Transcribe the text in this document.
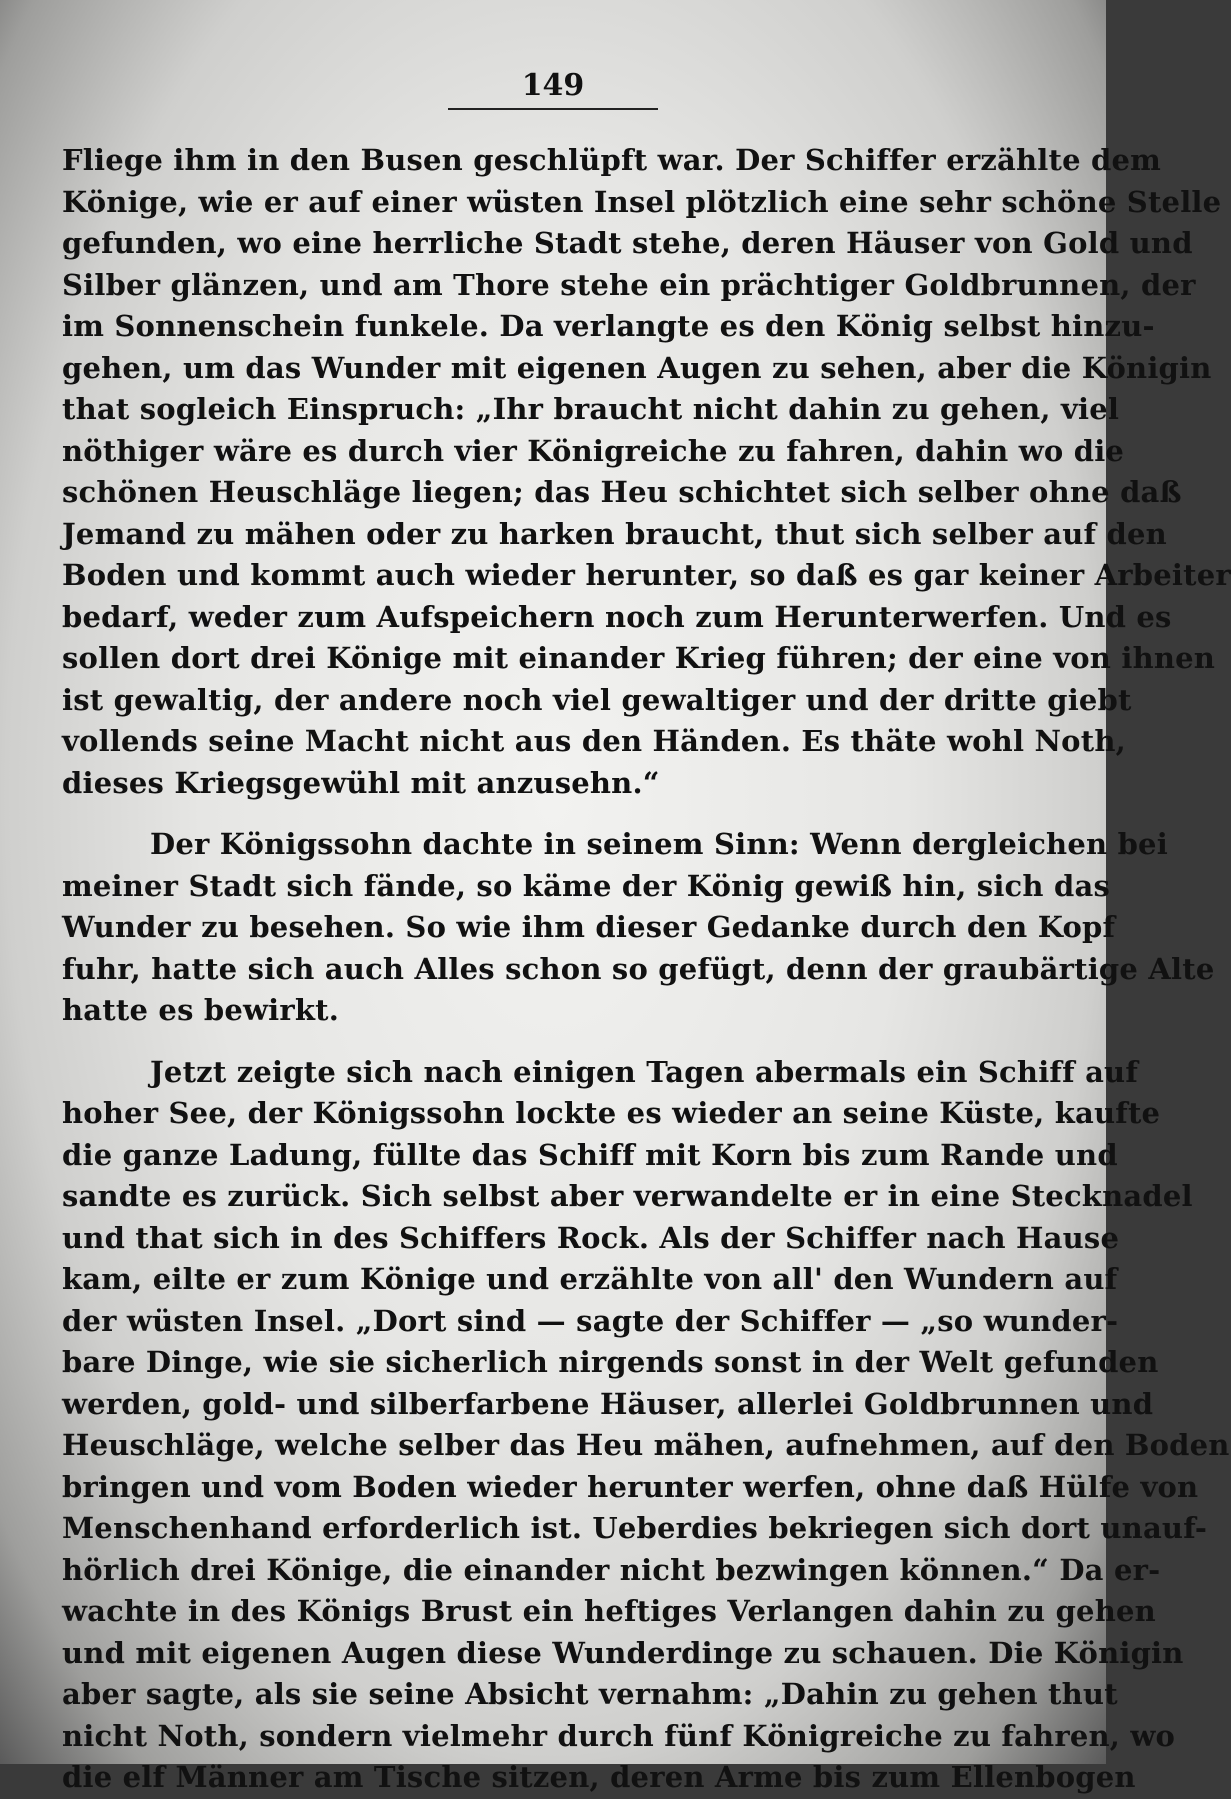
149
Fliege ihm in den Busen geschlüpft war. Der Schiffer erzählte dem
Könige, wie er auf einer wüsten Insel plötzlich eine sehr schöne Stelle
gefunden, wo eine herrliche Stadt stehe, deren Häuser von Gold und
Silber glänzen, und am Thore stehe ein prächtiger Goldbrunnen, der
im Sonnenschein funkele. Da verlangte es den König selbst hinzu-
gehen, um das Wunder mit eigenen Augen zu sehen, aber die Königin
that sogleich Einspruch: „Ihr braucht nicht dahin zu gehen, viel
nöthiger wäre es durch vier Königreiche zu fahren, dahin wo die
schönen Heuschläge liegen; das Heu schichtet sich selber ohne daß
Jemand zu mähen oder zu harken braucht, thut sich selber auf den
Boden und kommt auch wieder herunter, so daß es gar keiner Arbeiter
bedarf, weder zum Aufspeichern noch zum Herunterwerfen. Und es
sollen dort drei Könige mit einander Krieg führen; der eine von ihnen
ist gewaltig, der andere noch viel gewaltiger und der dritte giebt
vollends seine Macht nicht aus den Händen. Es thäte wohl Noth,
dieses Kriegsgewühl mit anzusehn.“
Der Königssohn dachte in seinem Sinn: Wenn dergleichen bei
meiner Stadt sich fände, so käme der König gewiß hin, sich das
Wunder zu besehen. So wie ihm dieser Gedanke durch den Kopf
fuhr, hatte sich auch Alles schon so gefügt, denn der graubärtige Alte
hatte es bewirkt.
Jetzt zeigte sich nach einigen Tagen abermals ein Schiff auf
hoher See, der Königssohn lockte es wieder an seine Küste, kaufte
die ganze Ladung, füllte das Schiff mit Korn bis zum Rande und
sandte es zurück. Sich selbst aber verwandelte er in eine Stecknadel
und that sich in des Schiffers Rock. Als der Schiffer nach Hause
kam, eilte er zum Könige und erzählte von all' den Wundern auf
der wüsten Insel. „Dort sind — sagte der Schiffer — „so wunder-
bare Dinge, wie sie sicherlich nirgends sonst in der Welt gefunden
werden, gold- und silberfarbene Häuser, allerlei Goldbrunnen und
Heuschläge, welche selber das Heu mähen, aufnehmen, auf den Boden
bringen und vom Boden wieder herunter werfen, ohne daß Hülfe von
Menschenhand erforderlich ist. Ueberdies bekriegen sich dort unauf-
hörlich drei Könige, die einander nicht bezwingen können.“ Da er-
wachte in des Königs Brust ein heftiges Verlangen dahin zu gehen
und mit eigenen Augen diese Wunderdinge zu schauen. Die Königin
aber sagte, als sie seine Absicht vernahm: „Dahin zu gehen thut
nicht Noth, sondern vielmehr durch fünf Königreiche zu fahren, wo
die elf Männer am Tische sitzen, deren Arme bis zum Ellenbogen
